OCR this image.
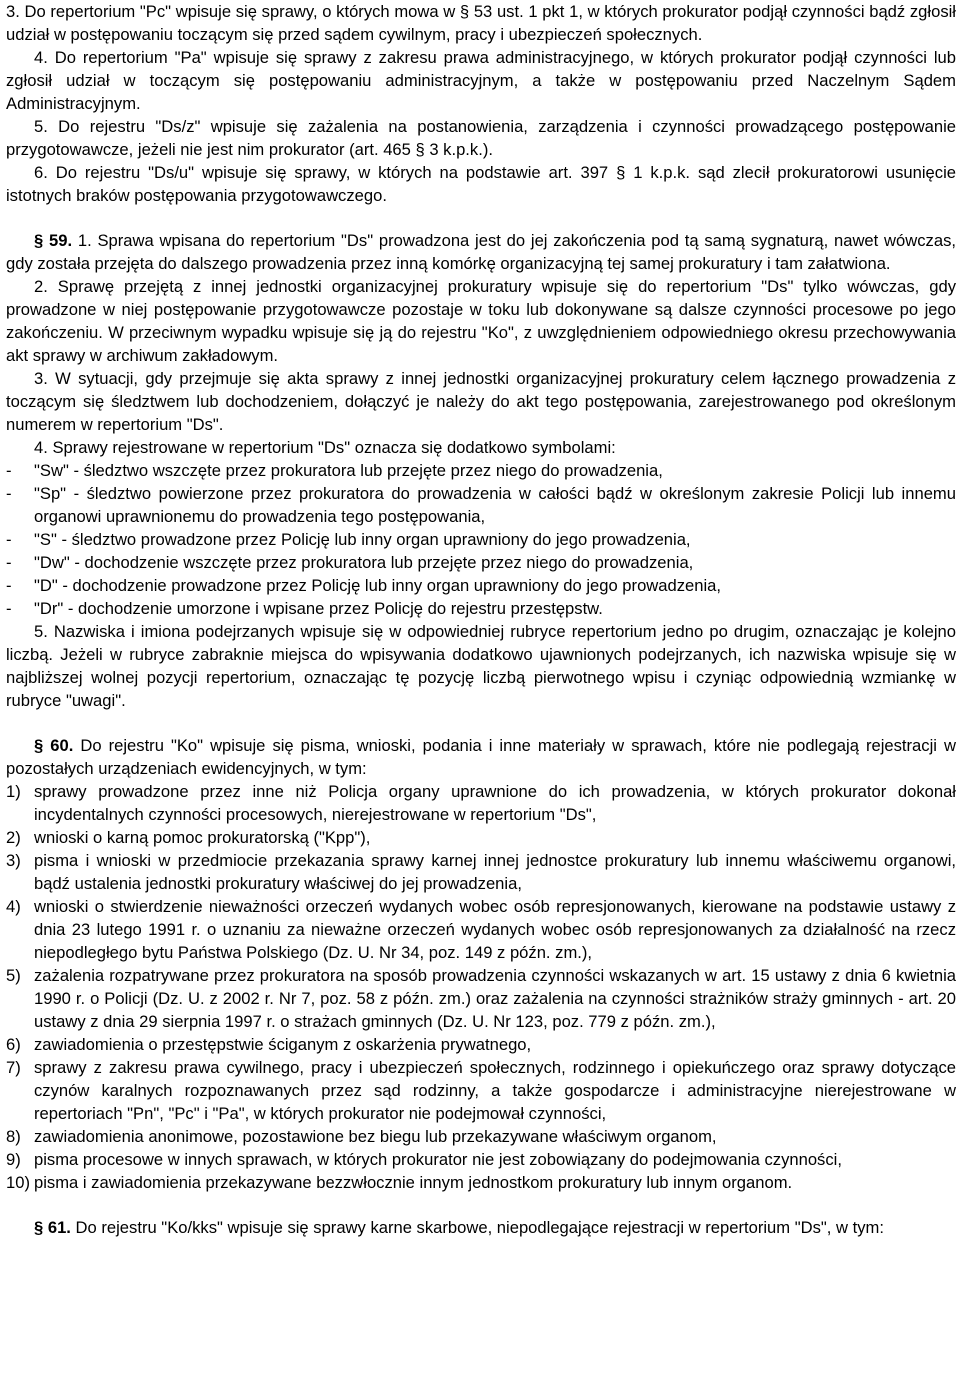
3. Do repertorium "Pc" wpisuje się sprawy, o których mowa w § 53 ust. 1 pkt 1, w których prokurator podjął czynności bądź zgłosił udział w postępowaniu toczącym się przed sądem cywilnym, pracy i ubezpieczeń społecznych.

4. Do repertorium "Pa" wpisuje się sprawy z zakresu prawa administracyjnego, w których prokurator podjął czynności lub zgłosił udział w toczącym się postępowaniu administracyjnym, a także w postępowaniu przed Naczelnym Sądem Administracyjnym.

5. Do rejestru "Ds/z" wpisuje się zażalenia na postanowienia, zarządzenia i czynności prowadzącego postępowanie przygotowawcze, jeżeli nie jest nim prokurator (art. 465 § 3 k.p.k.).

6. Do rejestru "Ds/u" wpisuje się sprawy, w których na podstawie art. 397 § 1 k.p.k. sąd zlecił prokuratorowi usunięcie istotnych braków postępowania przygotowawczego.

§ 59. 1. Sprawa wpisana do repertorium "Ds" prowadzona jest do jej zakończenia pod tą samą sygnaturą, nawet wówczas, gdy została przejęta do dalszego prowadzenia przez inną komórkę organizacyjną tej samej prokuratury i tam załatwiona.

2. Sprawę przejętą z innej jednostki organizacyjnej prokuratury wpisuje się do repertorium "Ds" tylko wówczas, gdy prowadzone w niej postępowanie przygotowawcze pozostaje w toku lub dokonywane są dalsze czynności procesowe po jego zakończeniu. W przeciwnym wypadku wpisuje się ją do rejestru "Ko", z uwzględnieniem odpowiedniego okresu przechowywania akt sprawy w archiwum zakładowym.

3. W sytuacji, gdy przejmuje się akta sprawy z innej jednostki organizacyjnej prokuratury celem łącznego prowadzenia z toczącym się śledztwem lub dochodzeniem, dołączyć je należy do akt tego postępowania, zarejestrowanego pod określonym numerem w repertorium "Ds".

4. Sprawy rejestrowane w repertorium "Ds" oznacza się dodatkowo symbolami:

- "Sw" - śledztwo wszczęte przez prokuratora lub przejęte przez niego do prowadzenia,
- "Sp" - śledztwo powierzone przez prokuratora do prowadzenia w całości bądź w określonym zakresie Policji lub innemu organowi uprawnionemu do prowadzenia tego postępowania,
- "S" - śledztwo prowadzone przez Policję lub inny organ uprawniony do jego prowadzenia,
- "Dw" - dochodzenie wszczęte przez prokuratora lub przejęte przez niego do prowadzenia,
- "D" - dochodzenie prowadzone przez Policję lub inny organ uprawniony do jego prowadzenia,
- "Dr" - dochodzenie umorzone i wpisane przez Policję do rejestru przestępstw.

5. Nazwiska i imiona podejrzanych wpisuje się w odpowiedniej rubryce repertorium jedno po drugim, oznaczając je kolejno liczbą. Jeżeli w rubryce zabraknie miejsca do wpisywania dodatkowo ujawnionych podejrzanych, ich nazwiska wpisuje się w najbliższej wolnej pozycji repertorium, oznaczając tę pozycję liczbą pierwotnego wpisu i czyniąc odpowiednią wzmiankę w rubryce "uwagi".

§ 60. Do rejestru "Ko" wpisuje się pisma, wnioski, podania i inne materiały w sprawach, które nie podlegają rejestracji w pozostałych urządzeniach ewidencyjnych, w tym:

1) sprawy prowadzone przez inne niż Policja organy uprawnione do ich prowadzenia, w których prokurator dokonał incydentalnych czynności procesowych, nierejestrowane w repertorium "Ds",
2) wnioski o karną pomoc prokuratorską ("Kpp"),
3) pisma i wnioski w przedmiocie przekazania sprawy karnej innej jednostce prokuratury lub innemu właściwemu organowi, bądź ustalenia jednostki prokuratury właściwej do jej prowadzenia,
4) wnioski o stwierdzenie nieważności orzeczeń wydanych wobec osób represjonowanych, kierowane na podstawie ustawy z dnia 23 lutego 1991 r. o uznaniu za nieważne orzeczeń wydanych wobec osób represjonowanych za działalność na rzecz niepodległego bytu Państwa Polskiego (Dz. U. Nr 34, poz. 149 z późn. zm.),
5) zażalenia rozpatrywane przez prokuratora na sposób prowadzenia czynności wskazanych w art. 15 ustawy z dnia 6 kwietnia 1990 r. o Policji (Dz. U. z 2002 r. Nr 7, poz. 58 z późn. zm.) oraz zażalenia na czynności strażników straży gminnych - art. 20 ustawy z dnia 29 sierpnia 1997 r. o strażach gminnych (Dz. U. Nr 123, poz. 779 z późn. zm.),
6) zawiadomienia o przestępstwie ściganym z oskarżenia prywatnego,
7) sprawy z zakresu prawa cywilnego, pracy i ubezpieczeń społecznych, rodzinnego i opiekuńczego oraz sprawy dotyczące czynów karalnych rozpoznawanych przez sąd rodzinny, a także gospodarcze i administracyjne nierejestrowane w repertoriach "Pn", "Pc" i "Pa", w których prokurator nie podejmował czynności,
8) zawiadomienia anonimowe, pozostawione bez biegu lub przekazywane właściwym organom,
9) pisma procesowe w innych sprawach, w których prokurator nie jest zobowiązany do podejmowania czynności,
10) pisma i zawiadomienia przekazywane bezzwłocznie innym jednostkom prokuratury lub innym organom.

§ 61. Do rejestru "Ko/kks" wpisuje się sprawy karne skarbowe, niepodlegające rejestracji w repertorium "Ds", w tym:
